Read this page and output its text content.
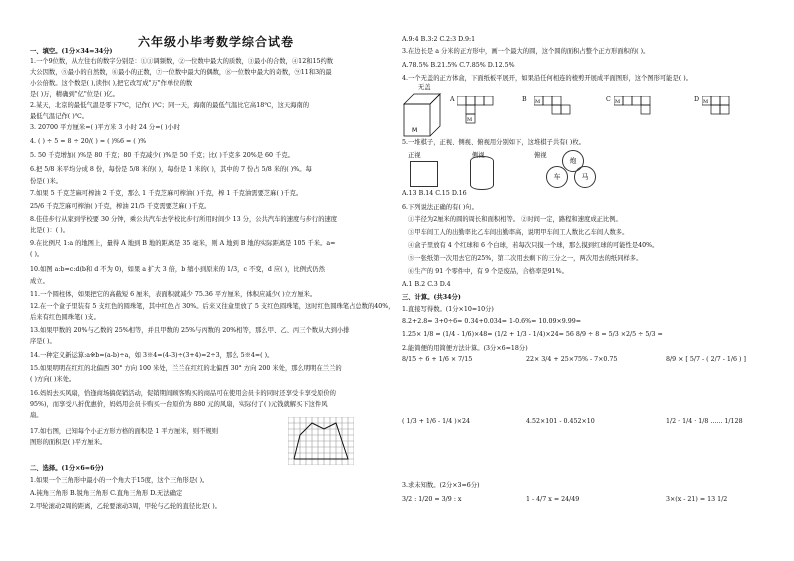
六年级小毕考数学综合试卷
一、填空。(1分×34=34分)
1.一个9位数，从左往右的数字分别是：①①调频数，②一位数中最大的质数，③最小的合数，④12和15约数
大公因数，⑤最小的自然数，⑥最小的正数，⑦一位数中最大的偶数，⑧一位数中最大的奇数，⑨11和3的最
小公倍数。这个数是( ),读作( ),把它改写成"万"作单位的数
是( )万，精确到"亿"位是( )亿。
2.某天，北京的最低气温是零下7℃，记作( )℃；同一天，海南的最低气温比它高18℃，这天海南的
最低气温记作( )℃。
3. 20700 平方厘米=( )平方米 3 小时 24 分=( )小时
4. ( ) ÷ 5 = 8 ÷ 20/( ) = ( )%6 = ( )%
5. 50 千克增加( )%是 80 千克；80 千克减少( )%是 50 千克；比( )千克多 20%是 60 千克。
6.把 5/8 米平均分成 8 份，每份是 5/8 米的( )，每份是 1 米的( )，其中的 7 份占 5/8 米的( )%。每
份是( )米。
7.如果 5 千克芝麻可榨油 2 千克，那么 1 千克芝麻可榨油( )千克，榨 1 千克油需要芝麻( )千克。
25/6 千克芝麻可榨油( )千克，榨油 21/5 千克需要芝麻( )千克。
8.佳佳步行从家到学校要 30 分钟，乘公共汽车去学校比步行所用时间少 13 分，公共汽车的速度与步行的速度
比是( )：( )。
9.在比例尺 1:a 的地图上，量得 A 地到 B 地的距离是 35 毫米，则 A 地到 B 地的实际距离是 105 千米。a=
( )。
10.如图 a:b=c:d(b和 d 不为 0)，如果 a 扩大 3 倍，b 缩小到原来的 1/3，c 不变，d 应( )，比例式仍然
成立。
11.一个圆柱体，如果把它的高截短 6 厘米，表面积就减少 75.36 平方厘米，体积应减少( )立方厘米。
12.在一个盒子里装有 5 支红色的圆珠笔，其中红色占 30%。后来又往盒里放了 5 支红色圆珠笔，这时红色圆珠笔占总数的40%，
后来有红色圆珠笔( )支。
13.如果甲数的 20%与乙数的 25%相等，并且甲数的 25%与丙数的 20%相等，那么甲、乙、丙三个数从大到小排
序是( )。
14.一种定义新运算:a※b=(a-b)÷a，如 3※4=(4-3)÷(3+4)=2÷3，那么 5※4=( )。
15.如果明明在红红的北偏西 30° 方向 100 米处，兰兰在红红的北偏西 30° 方向 200 米处，那么明明在兰兰的
( )方向( )米处。
16.妈妈去买风扇，恰逢商场搞促销活动，促销期间顾客购买的商品可在使用会员卡的同时还享受卡享受原价的
95%)，而享受八折优惠价，妈妈用会员卡购买一台原价为 880 元的风扇，实际付了( )元钱就解买下这件风
扇。
17.如右图，已知每个小正方形方格的面积是 1 平方厘米，则不规则
图形的面积是( )平方厘米。
二、选择。(1分×6=6分)
1.如果一个三角形中最小的一个角大于15度，这个三角形是( )。
A.钝角三角形 B.锐角三角形 C.直角三角形 D.无法确定
2.甲轮滚动2周的距离，乙轮要滚动3周，甲轮与乙轮的直径比是( )。
A.9:4 B.3:2 C.2:3 D.9:1
3.在边长是 a 分米的正方形中，画一个最大的圆，这个圆的面积占整个正方形面积的( )。
A.78.5% B.21.5% C.7.85% D.12.5%
4.一个无盖的正方体盒，下面纸板平展开，如果沿任何相连的棱剪开展成平面图形，这个图形可能是( )。
无盖
M
A
M
B M	C M	D M
5.一堆棋子，正视、侧视、俯视用分别如下，这堆棋子共有( )枚。
正视	侧视	俯视
炮
车	马
A.13 B.14 C.15 D.16
6.下列说法正确的有( )句。
①半径为2厘米的圆的周长和面积相等。 ②时间一定，路程和速度成正比例。
③甲车间工人的出勤率比乙车间出勤率高，说明甲车间工人数比乙车间人数多。
④盒子里放有 4 个红球和 6 个白球，若每次只摸一个球，那么摸到红球的可能性是40%。
⑤一张纸第一次用去它的25%，第二次用去剩下的三分之一，两次用去的纸同样多。
⑥生产的 91 个零件中，有 9 个是废品，合格率是91%。
A.1 B.2 C.3 D.4
三、计算。(共34分)
1.直接写得数。(1分×10=10分)
8.2+2.8= 3+0÷6= 0.34+0.034= 1-0.6%= 10.09×9.99=
1.25× 1/8 = (1/4 - 1/6)×48= (1/2 + 1/3 - 1/4)×24= 56 8/9 ÷ 8 = 5/3 ×2/5 ÷ 5/3 =
2.能简便的用简便方法计算。(3分×6=18分)
8/15 ÷ 6 + 1/6 × 7/15	22× 3/4 + 25×75% - 7×0.75	8/9 × [ 5/7 - ( 2/7 - 1/6 ) ]
( 1/3 + 1/6 - 1/4 )×24	4.52×101 - 0.452×10	1/2 · 1/4 · 1/8 ...... 1/128
3.求未知数。(2分×3=6分)
3/2 : 1/20 = 3/9 : x	1 - 4/7 x = 24/49	3×(x - 21) = 13 1/2
